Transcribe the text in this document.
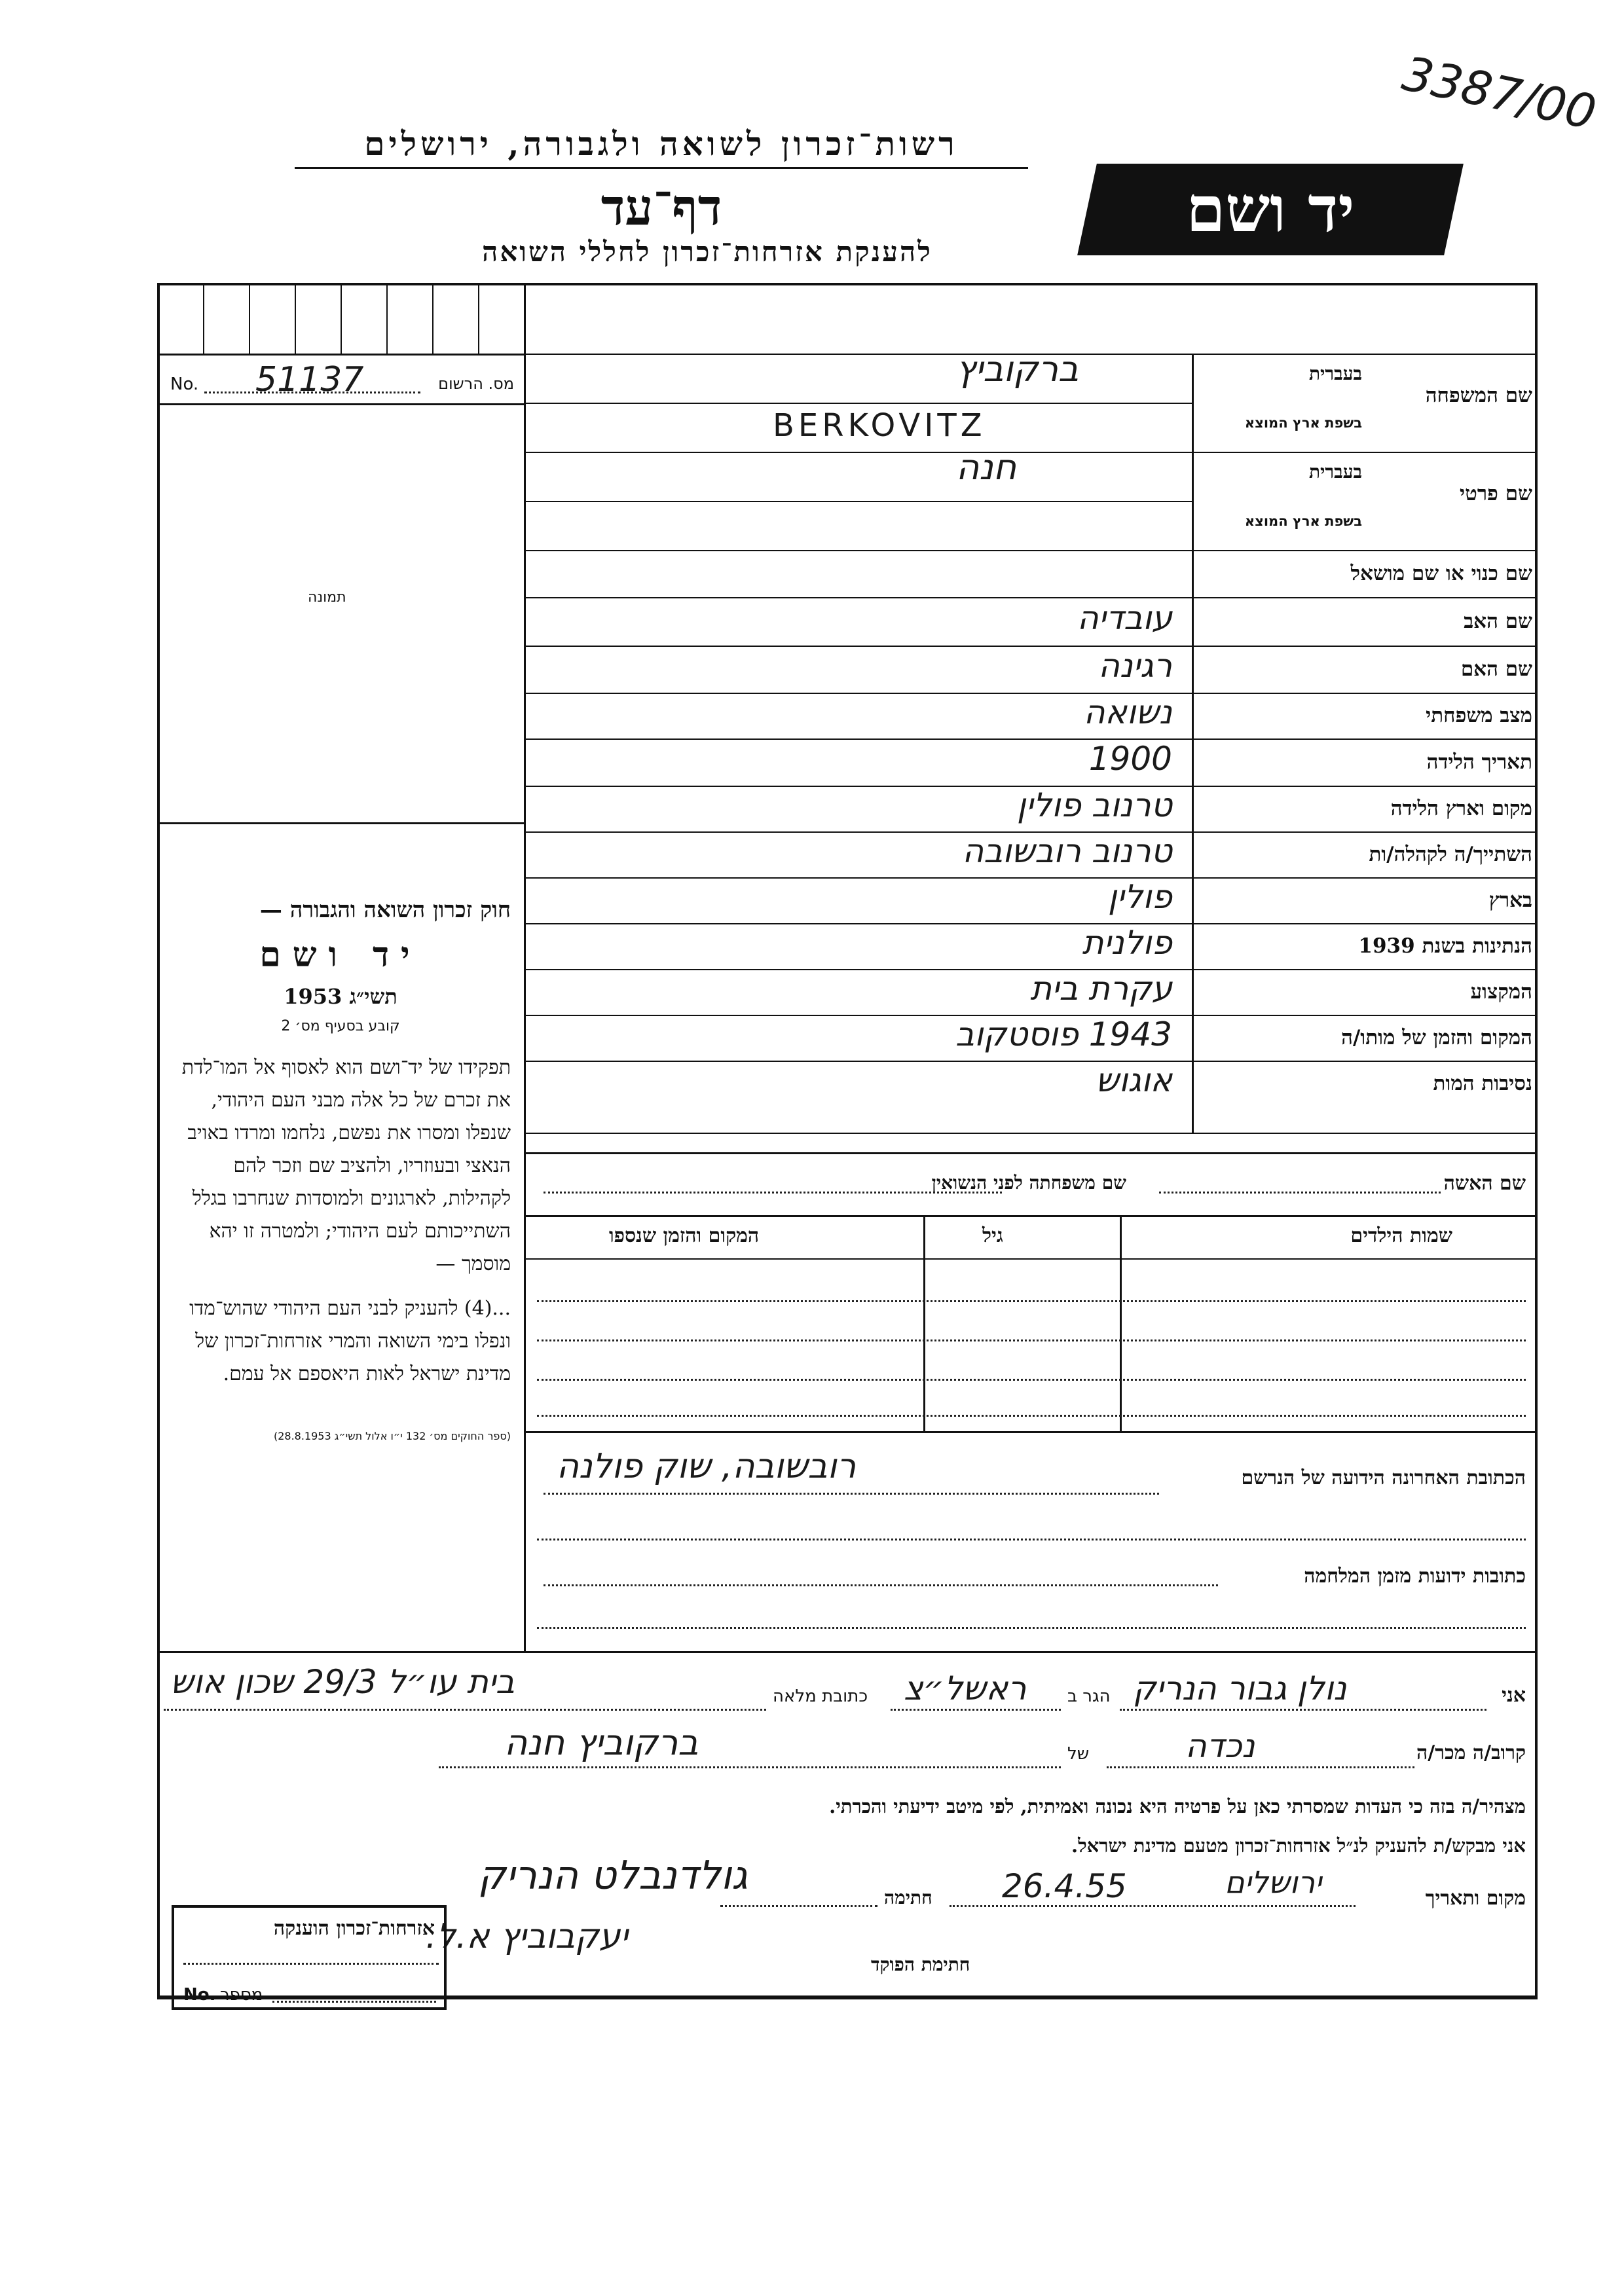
3387/00
רשות־זכרון לשואה ולגבורה, ירושלים
דף־עד
להענקת אזרחות־זכרון לחללי השואה
יד ושם
No. 51137	מס. הרשום
תמונה
חוק זכרון השואה והגבורה —
יד ושם
תשי״ג 1953
קובע בסעיף מס׳ 2
תפקידו של יד־ושם הוא לאסוף אל המו־לדת את זכרם של כל אלה מבני העם היהודי, שנפלו ומסרו את נפשם, נלחמו ומרדו באויב הנאצי ובעוזריו, ולהציב שם וזכר להם לקהילות, לארגונים ולמוסדות שנחרבו בגלל השתייכותם לעם היהודי; ולמטרה זו יהא מוסמך —
...(4) להעניק לבני העם היהודי שהוש־מדו ונפלו בימי השואה והמרי אזרחות־זכרון של מדינת ישראל לאות היאספם אל עמם.
(ספר החוקים מס׳ 132 י״ו אלול תשי״ג 28.8.1953)
שם המשפחה
בעברית
בשפת ארץ המוצא
ברקוביץ
BERKOVITZ
שם פרטי
בעברית
בשפת ארץ המוצא
חנה
שם כנוי או שם מושאל
שם האב
עובדיה
שם האם
רגינה
מצב משפחתי
נשואה
תאריך הלידה
1900
מקום וארץ הלידה
טרנוב פולין
השתייך/ה לקהלה/ות
טרנוב רובשובה
בארץ
פולין
הנתינות בשנת 1939
פולנית
המקצוע
עקרת בית
המקום והזמן של מותו/ה
1943 פוסטקוב
נסיבות המות
אוגוש
שם האשה
שם משפחתה לפני הנשואין
שמות הילדים
גיל
המקום והזמן שנספו
הכתובת האחרונה הידועה של הנרשם
רובשובה, שוק פולנה
כתובות ידועות מזמן המלחמה
אני
נולן גבור הנריק
הגר ב
ראשל״צ
כתובת מלאה
בית עו״ל 29/3 שכון אוש
קרוב/ה מכר/ה
נכדה
של
ברקוביץ חנה
מצהיר/ה בזה כי העדות שמסרתי כאן על פרטיה היא נכונה ואמיתית, לפי מיטב ידיעתי והכרתי.
אני מבקש/ת להעניק לנ״ל אזרחות־זכרון מטעם מדינת ישראל.
מקום ותאריך
ירושלים
26.4.55
חתימה
גולדנבלט הנריק
יעקבוביץ א.ל.
חתימת הפוקד
אזרחות־זכרון הוענקה
No. מספר
